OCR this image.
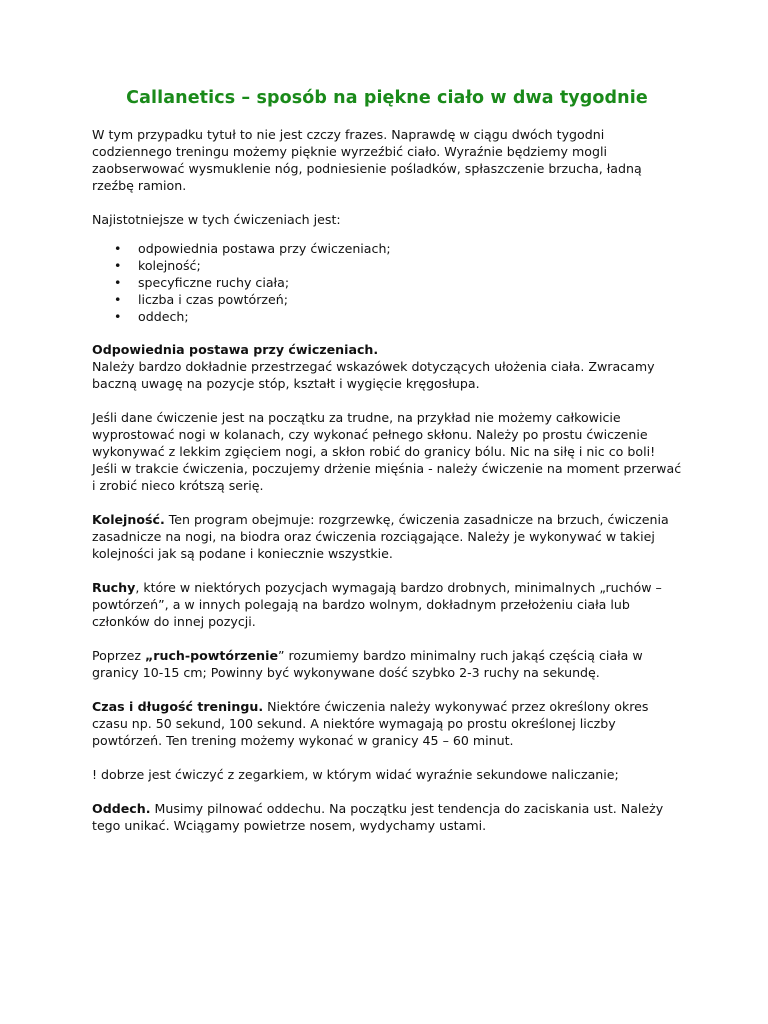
Callanetics – sposób na piękne ciało w dwa tygodnie

W tym przypadku tytuł to nie jest czczy frazes. Naprawdę w ciągu dwóch tygodni codziennego treningu możemy pięknie wyrzeźbić ciało. Wyraźnie będziemy mogli zaobserwować wysmuklenie nóg, podniesienie pośladków, spłaszczenie brzucha, ładną rzeźbę ramion.

Najistotniejsze w tych ćwiczeniach jest:

• odpowiednia postawa przy ćwiczeniach;
• kolejność;
• specyficzne ruchy ciała;
• liczba i czas powtórzeń;
• oddech;

Odpowiednia postawa przy ćwiczeniach.
Należy bardzo dokładnie przestrzegać wskazówek dotyczących ułożenia ciała. Zwracamy baczną uwagę na pozycje stóp, kształt i wygięcie kręgosłupa.

Jeśli dane ćwiczenie jest na początku za trudne, na przykład nie możemy całkowicie wyprostować nogi w kolanach, czy wykonać pełnego skłonu. Należy po prostu ćwiczenie wykonywać z lekkim zgięciem nogi, a skłon robić do granicy bólu. Nic na siłę i nic co boli! Jeśli w trakcie ćwiczenia, poczujemy drżenie mięśnia - należy ćwiczenie na moment przerwać i zrobić nieco krótszą serię.

Kolejność. Ten program obejmuje: rozgrzewkę, ćwiczenia zasadnicze na brzuch, ćwiczenia zasadnicze na nogi, na biodra oraz ćwiczenia rozciągające. Należy je wykonywać w takiej kolejności jak są podane i koniecznie wszystkie.

Ruchy, które w niektórych pozycjach wymagają bardzo drobnych, minimalnych „ruchów – powtórzeń”, a w innych polegają na bardzo wolnym, dokładnym przełożeniu ciała lub członków do innej pozycji.

Poprzez „ruch-powtórzenie” rozumiemy bardzo minimalny ruch jakąś częścią ciała w granicy 10-15 cm; Powinny być wykonywane dość szybko 2-3 ruchy na sekundę.

Czas i długość treningu. Niektóre ćwiczenia należy wykonywać przez określony okres czasu np. 50 sekund, 100 sekund. A niektóre wymagają po prostu określonej liczby powtórzeń. Ten trening możemy wykonać w granicy 45 – 60 minut.

! dobrze jest ćwiczyć z zegarkiem, w którym widać wyraźnie sekundowe naliczanie;

Oddech. Musimy pilnować oddechu. Na początku jest tendencja do zaciskania ust. Należy tego unikać. Wciągamy powietrze nosem, wydychamy ustami.
